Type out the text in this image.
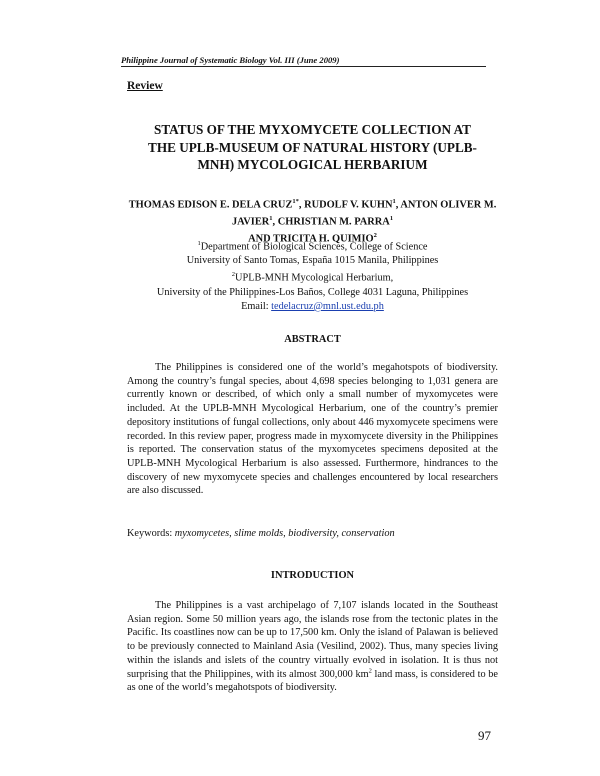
Philippine Journal of Systematic Biology Vol. III (June 2009)
Review
STATUS OF THE MYXOMYCETE COLLECTION AT
THE UPLB-MUSEUM OF NATURAL HISTORY (UPLB-
MNH) MYCOLOGICAL HERBARIUM
THOMAS EDISON E. DELA $CRUZ^{1*}$, RUDOLF V. KUHN$^1$, ANTON OLIVER M. JAVIER$^1$, CHRISTIAN M. PARRA$^1$
AND TRICITA H. QUIMIO$^2$
$^1$Department of Biological Sciences, College of Science
University of Santo Tomas, España 1015 Manila, Philippines
$^2$UPLB-MNH Mycological Herbarium,
University of the Philippines-Los Baños, College 4031 Laguna, Philippines
Email: tedelacruz@mnl.ust.edu.ph
ABSTRACT

The Philippines is considered one of the world’s megahotspots of biodiversity. Among the country’s fungal species, about 4,698 species belonging to 1,031 genera are currently known or described, of which only a small number of myxomycetes were included. At the UPLB-MNH Mycological Herbarium, one of the country’s premier depository institutions of fungal collections, only about 446 myxomycete specimens were recorded. In this review paper, progress made in myxomycete diversity in the Philippines is reported. The conservation status of the myxomycetes specimens deposited at the UPLB-MNH Mycological Herbarium is also assessed. Furthermore, hindrances to the discovery of new myxomycete species and challenges encountered by local researchers are also discussed.

Keywords: myxomycetes, slime molds, biodiversity, conservation

INTRODUCTION

The Philippines is a vast archipelago of 7,107 islands located in the Southeast Asian region. Some 50 million years ago, the islands rose from the tectonic plates in the Pacific. Its coastlines now can be up to 17,500 km. Only the island of Palawan is believed to be previously connected to Mainland Asia (Vesilind, 2002). Thus, many species living within the islands and islets of the country virtually evolved in isolation. It is thus not surprising that the Philippines, with its almost 300,000 $km^2$ land mass, is considered to be as one of the world’s megahotspots of biodiversity.

97
